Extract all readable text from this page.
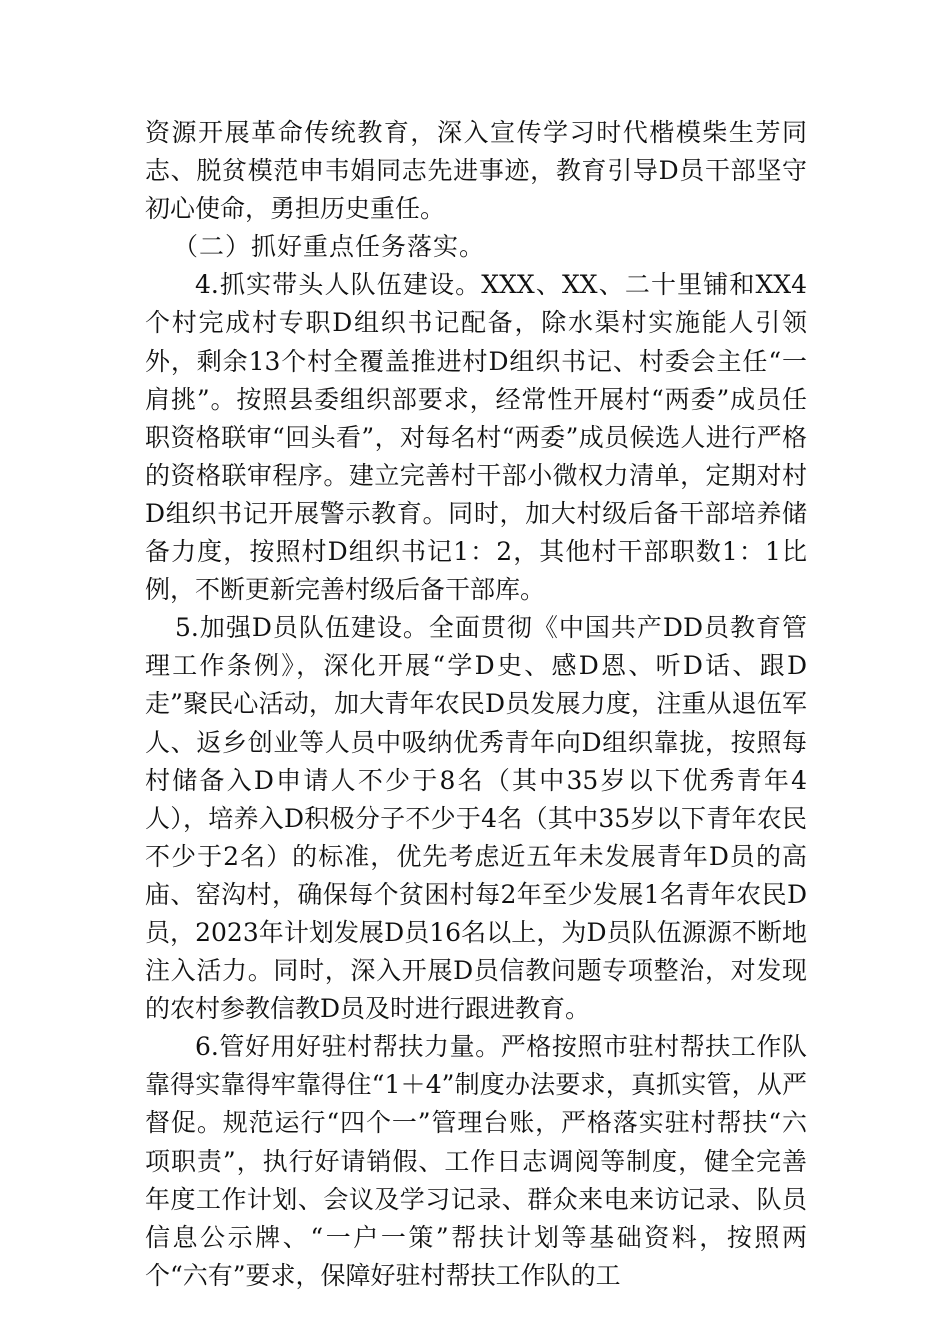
资源开展革命传统教育，深入宣传学习时代楷模柴生芳同志、脱贫模范申韦娟同志先进事迹，教育引导D员干部坚守初心使命，勇担历史重任。

（二）抓好重点任务落实。

4.抓实带头人队伍建设。XXX、XX、二十里铺和XX4个村完成村专职D组织书记配备，除水渠村实施能人引领外，剩余13个村全覆盖推进村D组织书记、村委会主任“一肩挑”。按照县委组织部要求，经常性开展村“两委”成员任职资格联审“回头看”，对每名村“两委”成员候选人进行严格的资格联审程序。建立完善村干部小微权力清单，定期对村D组织书记开展警示教育。同时，加大村级后备干部培养储备力度，按照村D组织书记1：2，其他村干部职数1：1比例，不断更新完善村级后备干部库。

5.加强D员队伍建设。全面贯彻《中国共产DD员教育管理工作条例》，深化开展“学D史、感D恩、听D话、跟D走”聚民心活动，加大青年农民D员发展力度，注重从退伍军人、返乡创业等人员中吸纳优秀青年向D组织靠拢，按照每村储备入D申请人不少于8名（其中35岁以下优秀青年4人），培养入D积极分子不少于4名（其中35岁以下青年农民不少于2名）的标准，优先考虑近五年未发展青年D员的高庙、窑沟村，确保每个贫困村每2年至少发展1名青年农民D员，2023年计划发展D员16名以上，为D员队伍源源不断地注入活力。同时，深入开展D员信教问题专项整治，对发现的农村参教信教D员及时进行跟进教育。

6.管好用好驻村帮扶力量。严格按照市驻村帮扶工作队靠得实靠得牢靠得住“1＋4”制度办法要求，真抓实管，从严督促。规范运行“四个一”管理台账，严格落实驻村帮扶“六项职责”，执行好请销假、工作日志调阅等制度，健全完善年度工作计划、会议及学习记录、群众来电来访记录、队员信息公示牌、“一户一策”帮扶计划等基础资料，按照两个“六有”要求，保障好驻村帮扶工作队的工
